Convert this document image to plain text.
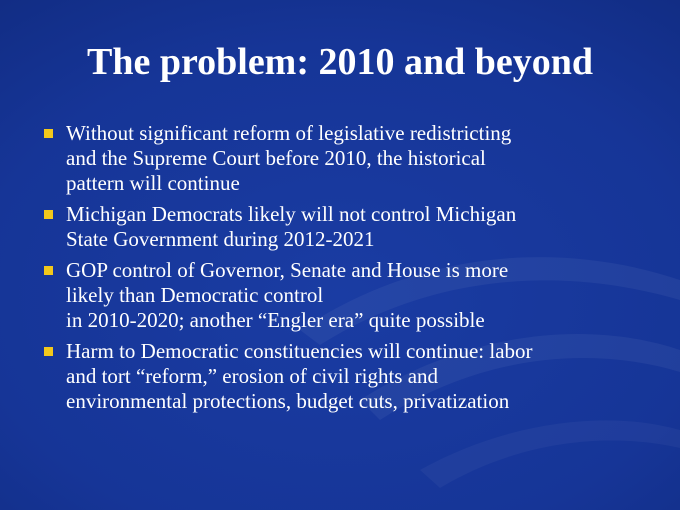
The problem: 2010 and beyond
Without significant reform of legislative redistricting
and the Supreme Court before 2010, the historical
pattern will continue
Michigan Democrats likely will not control Michigan
State Government during 2012-2021
GOP control of Governor, Senate and House is more
likely than Democratic control
in 2010-2020; another “Engler era” quite possible
Harm to Democratic constituencies will continue: labor
and tort “reform,” erosion of civil rights and
environmental protections, budget cuts, privatization
